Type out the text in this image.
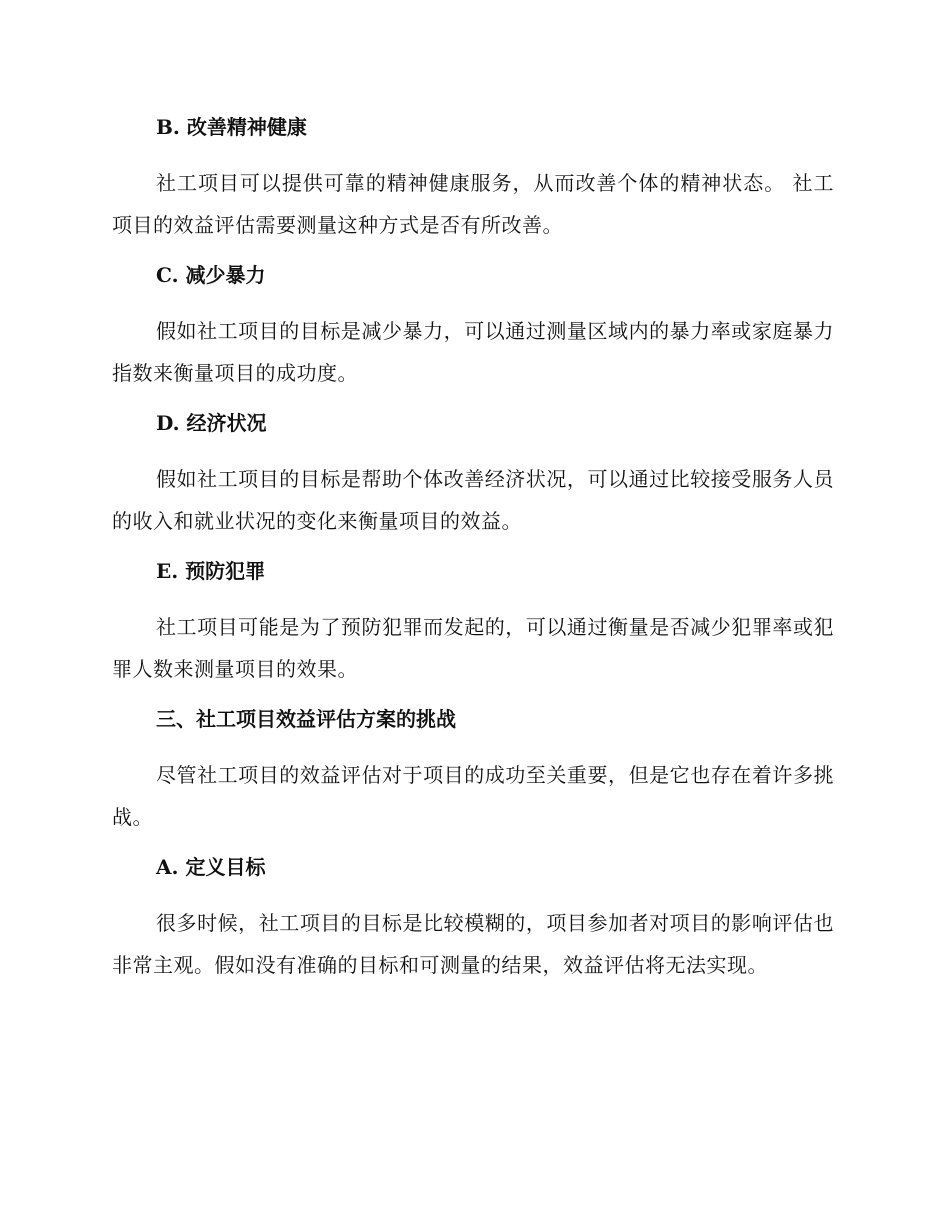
B. 改善精神健康

社工项目可以提供可靠的精神健康服务，从而改善个体的精神状态。 社工项目的效益评估需要测量这种方式是否有所改善。

C. 减少暴力

假如社工项目的目标是减少暴力，可以通过测量区域内的暴力率或家庭暴力指数来衡量项目的成功度。

D. 经济状况

假如社工项目的目标是帮助个体改善经济状况，可以通过比较接受服务人员的收入和就业状况的变化来衡量项目的效益。

E. 预防犯罪

社工项目可能是为了预防犯罪而发起的，可以通过衡量是否减少犯罪率或犯罪人数来测量项目的效果。

三、社工项目效益评估方案的挑战

尽管社工项目的效益评估对于项目的成功至关重要，但是它也存在着许多挑战。

A. 定义目标

很多时候，社工项目的目标是比较模糊的，项目参加者对项目的影响评估也非常主观。假如没有准确的目标和可测量的结果，效益评估将无法实现。
